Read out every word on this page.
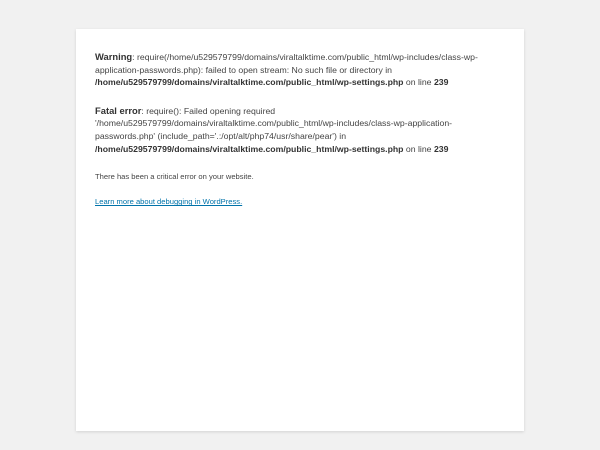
Warning: require(/home/u529579799/domains/viraltalktime.com/public_html/wp-includes/class-wp-application-passwords.php): failed to open stream: No such file or directory in /home/u529579799/domains/viraltalktime.com/public_html/wp-settings.php on line 239

Fatal error: require(): Failed opening required '/home/u529579799/domains/viraltalktime.com/public_html/wp-includes/class-wp-application-passwords.php' (include_path='.:/opt/alt/php74/usr/share/pear') in /home/u529579799/domains/viraltalktime.com/public_html/wp-settings.php on line 239

There has been a critical error on your website.

Learn more about debugging in WordPress.
